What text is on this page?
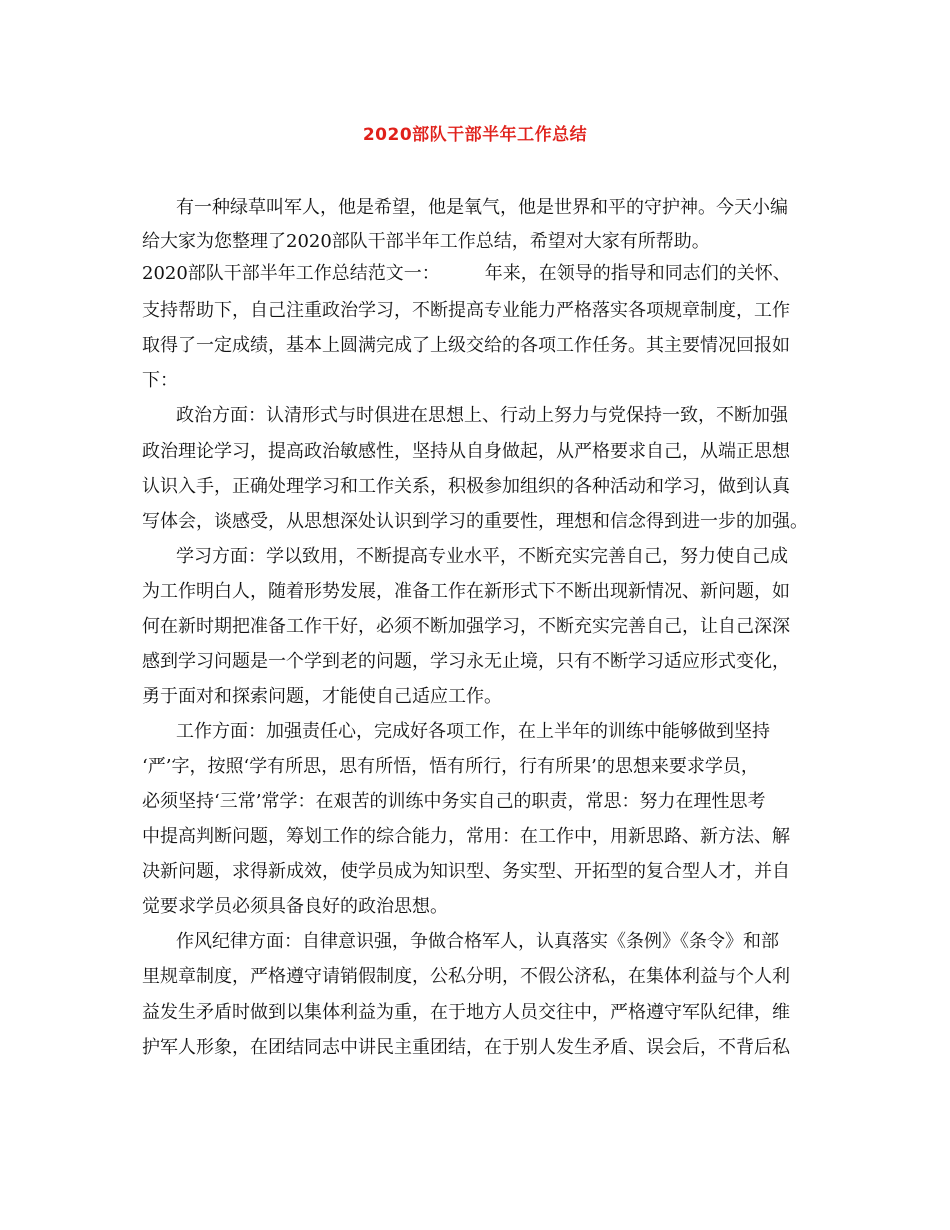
2020部队干部半年工作总结
有一种绿草叫军人，他是希望，他是氧气，他是世界和平的守护神。今天小编
给大家为您整理了2020部队干部半年工作总结，希望对大家有所帮助。
2020部队干部半年工作总结范文一：　　　年来，在领导的指导和同志们的关怀、
支持帮助下，自己注重政治学习，不断提高专业能力严格落实各项规章制度，工作
取得了一定成绩，基本上圆满完成了上级交给的各项工作任务。其主要情况回报如
下：
政治方面：认清形式与时俱进在思想上、行动上努力与党保持一致，不断加强
政治理论学习，提高政治敏感性，坚持从自身做起，从严格要求自己，从端正思想
认识入手，正确处理学习和工作关系，积极参加组织的各种活动和学习，做到认真
写体会，谈感受，从思想深处认识到学习的重要性，理想和信念得到进一步的加强。
学习方面：学以致用，不断提高专业水平，不断充实完善自己，努力使自己成
为工作明白人，随着形势发展，准备工作在新形式下不断出现新情况、新问题，如
何在新时期把准备工作干好，必须不断加强学习，不断充实完善自己，让自己深深
感到学习问题是一个学到老的问题，学习永无止境，只有不断学习适应形式变化，
勇于面对和探索问题，才能使自己适应工作。
工作方面：加强责任心，完成好各项工作，在上半年的训练中能够做到坚持
‘严’字，按照‘学有所思，思有所悟，悟有所行，行有所果’的思想来要求学员，
必须坚持‘三常’常学：在艰苦的训练中务实自己的职责，常思：努力在理性思考
中提高判断问题，筹划工作的综合能力，常用：在工作中，用新思路、新方法、解
决新问题，求得新成效，使学员成为知识型、务实型、开拓型的复合型人才，并自
觉要求学员必须具备良好的政治思想。
作风纪律方面：自律意识强，争做合格军人，认真落实《条例》《条令》和部
里规章制度，严格遵守请销假制度，公私分明，不假公济私，在集体利益与个人利
益发生矛盾时做到以集体利益为重，在于地方人员交往中，严格遵守军队纪律，维
护军人形象，在团结同志中讲民主重团结，在于别人发生矛盾、误会后，不背后私
